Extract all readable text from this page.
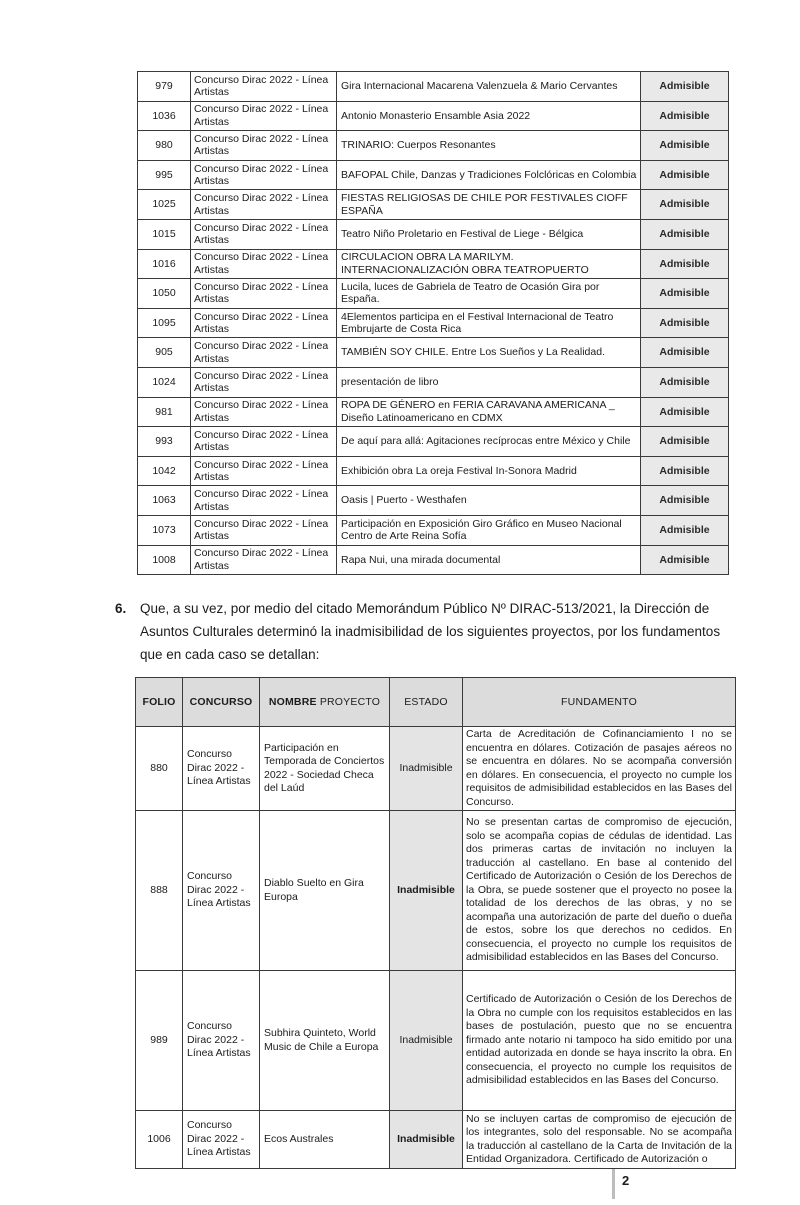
979	Concurso Dirac 2022 - Línea Artistas	Gira Internacional Macarena Valenzuela & Mario Cervantes	Admisible
1036	Concurso Dirac 2022 - Línea Artistas	Antonio Monasterio Ensamble Asia 2022	Admisible
980	Concurso Dirac 2022 - Línea Artistas	TRINARIO: Cuerpos Resonantes	Admisible
995	Concurso Dirac 2022 - Línea Artistas	BAFOPAL Chile, Danzas y Tradiciones Folclóricas en Colombia	Admisible
1025	Concurso Dirac 2022 - Línea Artistas	FIESTAS RELIGIOSAS DE CHILE POR FESTIVALES CIOFF ESPAÑA	Admisible
1015	Concurso Dirac 2022 - Línea Artistas	Teatro Niño Proletario en Festival de Liege - Bélgica	Admisible
1016	Concurso Dirac 2022 - Línea Artistas	CIRCULACION OBRA LA MARILYM. INTERNACIONALIZACIÓN OBRA TEATROPUERTO	Admisible
1050	Concurso Dirac 2022 - Línea Artistas	Lucila, luces de Gabriela de Teatro de Ocasión Gira por España.	Admisible
1095	Concurso Dirac 2022 - Línea Artistas	4Elementos participa en el Festival Internacional de Teatro Embrujarte de Costa Rica	Admisible
905	Concurso Dirac 2022 - Línea Artistas	TAMBIÉN SOY CHILE. Entre Los Sueños y La Realidad.	Admisible
1024	Concurso Dirac 2022 - Línea Artistas	presentación de libro	Admisible
981	Concurso Dirac 2022 - Línea Artistas	ROPA DE GÉNERO en FERIA CARAVANA AMERICANA _ Diseño Latinoamericano en CDMX	Admisible
993	Concurso Dirac 2022 - Línea Artistas	De aquí para allá: Agitaciones recíprocas entre México y Chile	Admisible
1042	Concurso Dirac 2022 - Línea Artistas	Exhibición obra La oreja Festival In-Sonora Madrid	Admisible
1063	Concurso Dirac 2022 - Línea Artistas	Oasis | Puerto - Westhafen	Admisible
1073	Concurso Dirac 2022 - Línea Artistas	Participación en Exposición Giro Gráfico en Museo Nacional Centro de Arte Reina Sofía	Admisible
1008	Concurso Dirac 2022 - Línea Artistas	Rapa Nui, una mirada documental	Admisible
6. Que, a su vez, por medio del citado Memorándum Público Nº DIRAC-513/2021, la Dirección de Asuntos Culturales determinó la inadmisibilidad de los siguientes proyectos, por los fundamentos que en cada caso se detallan:
FOLIO	CONCURSO	NOMBRE PROYECTO	ESTADO	FUNDAMENTO
880	Concurso Dirac 2022 - Línea Artistas	Participación en Temporada de Conciertos 2022 - Sociedad Checa del Laúd	Inadmisible	Carta de Acreditación de Cofinanciamiento I no se encuentra en dólares. Cotización de pasajes aéreos no se encuentra en dólares. No se acompaña conversión en dólares. En consecuencia, el proyecto no cumple los requisitos de admisibilidad establecidos en las Bases del Concurso.
888	Concurso Dirac 2022 - Línea Artistas	Diablo Suelto en Gira Europa	Inadmisible	No se presentan cartas de compromiso de ejecución, solo se acompaña copias de cédulas de identidad. Las dos primeras cartas de invitación no incluyen la traducción al castellano. En base al contenido del Certificado de Autorización o Cesión de los Derechos de la Obra, se puede sostener que el proyecto no posee la totalidad de los derechos de las obras, y no se acompaña una autorización de parte del dueño o dueña de estos, sobre los que derechos no cedidos. En consecuencia, el proyecto no cumple los requisitos de admisibilidad establecidos en las Bases del Concurso.
989	Concurso Dirac 2022 - Línea Artistas	Subhira Quinteto, World Music de Chile a Europa	Inadmisible	Certificado de Autorización o Cesión de los Derechos de la Obra no cumple con los requisitos establecidos en las bases de postulación, puesto que no se encuentra firmado ante notario ni tampoco ha sido emitido por una entidad autorizada en donde se haya inscrito la obra. En consecuencia, el proyecto no cumple los requisitos de admisibilidad establecidos en las Bases del Concurso.
1006	Concurso Dirac 2022 - Línea Artistas	Ecos Australes	Inadmisible	No se incluyen cartas de compromiso de ejecución de los integrantes, solo del responsable. No se acompaña la traducción al castellano de la Carta de Invitación de la Entidad Organizadora. Certificado de Autorización o
2
